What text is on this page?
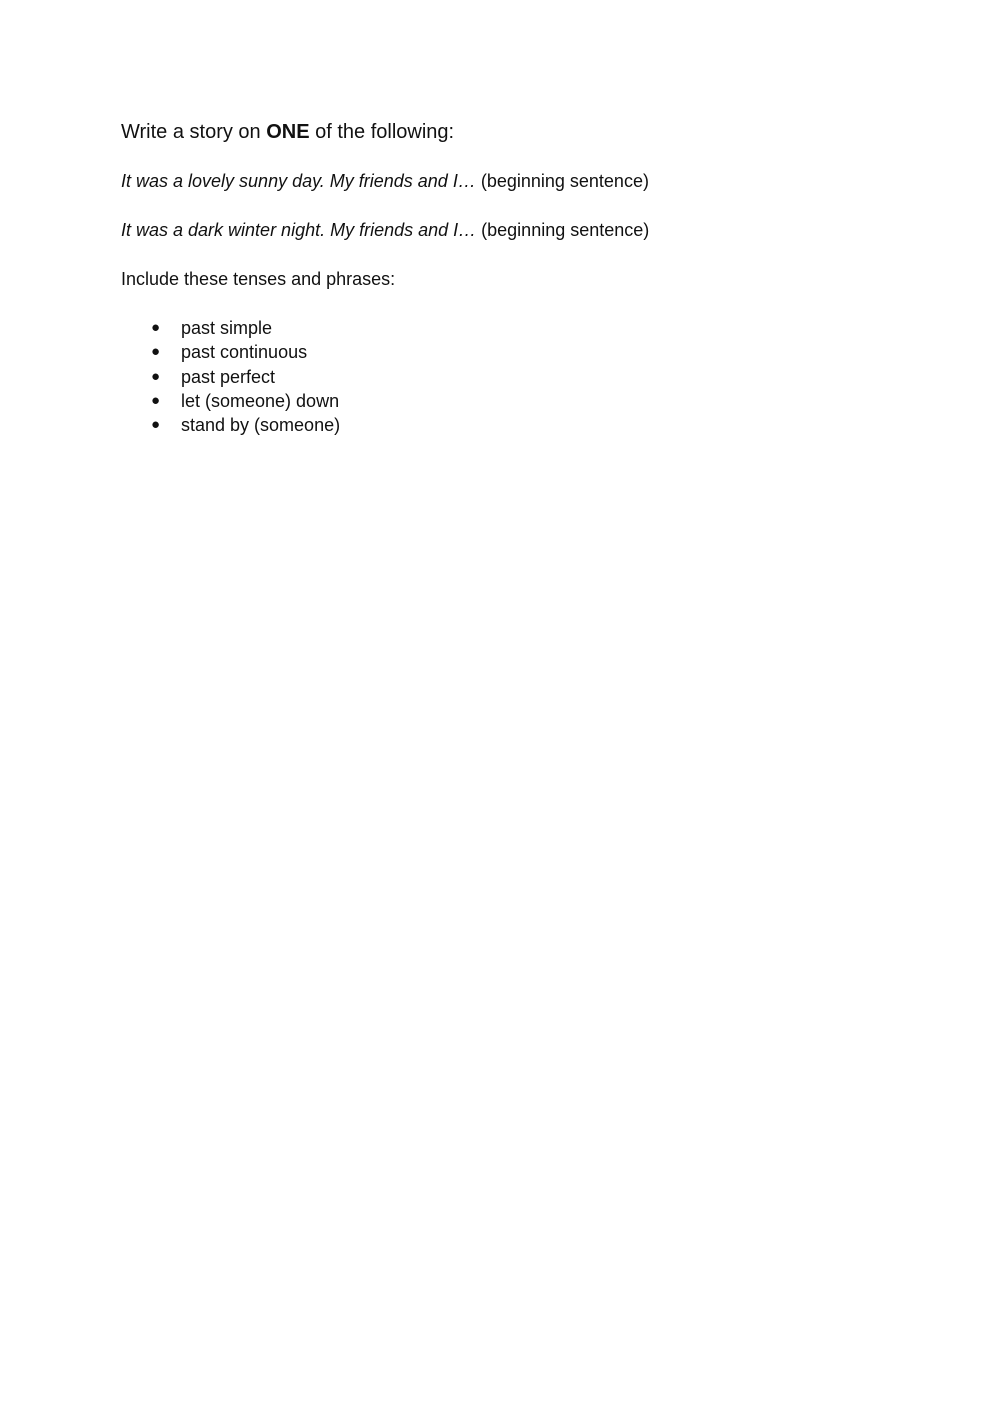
Write a story on ONE of the following:

It was a lovely sunny day. My friends and I… (beginning sentence)

It was a dark winter night. My friends and I… (beginning sentence)

Include these tenses and phrases:

● past simple
● past continuous
● past perfect
● let (someone) down
● stand by (someone)
